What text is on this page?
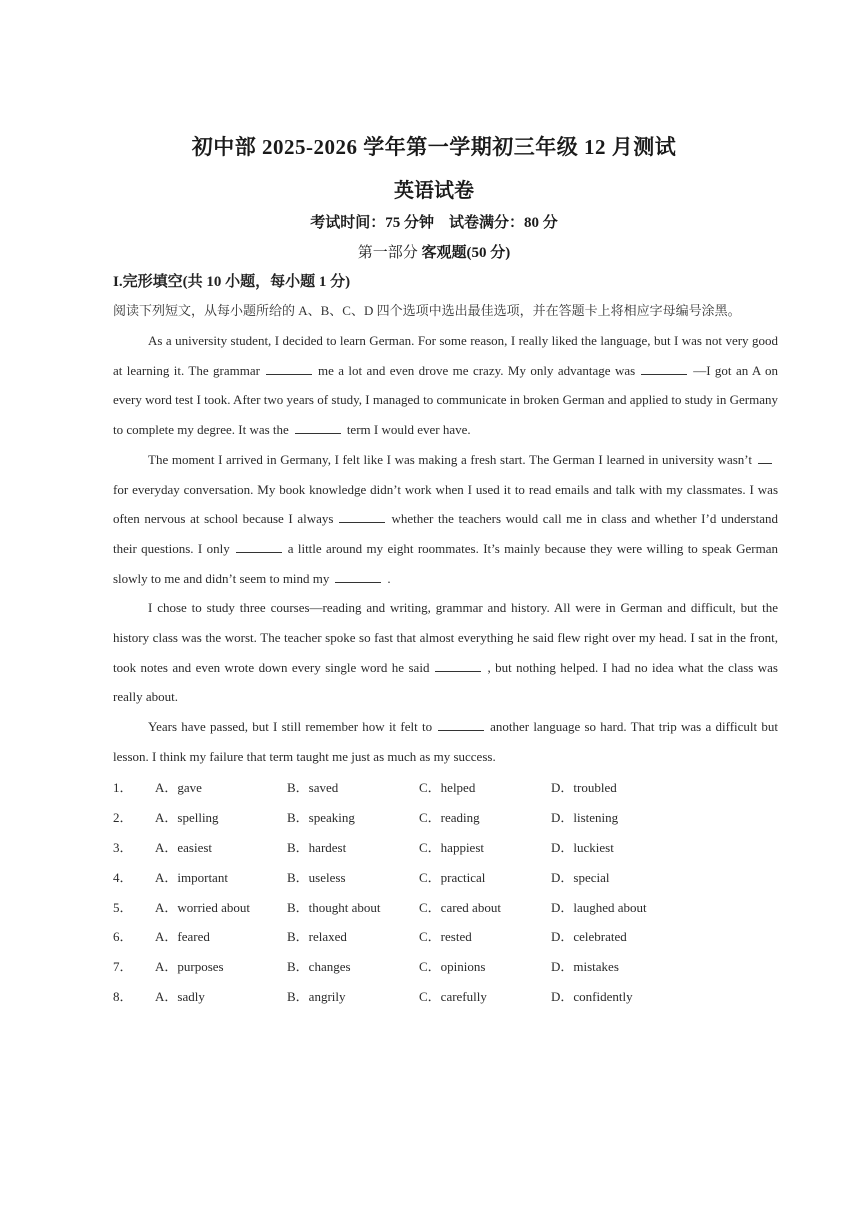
初中部 2025-2026 学年第一学期初三年级 12 月测试
英语试卷
考试时间：75 分钟　试卷满分：80 分
第一部分 客观题(50 分)
I.完形填空(共 10 小题，每小题 1 分)
阅读下列短文，从每小题所给的 A、B、C、D 四个选项中选出最佳选项，并在答题卡上将相应字母编号涂黑。

As a university student, I decided to learn German. For some reason, I really liked the language, but I was not very good at learning it. The grammar	me a lot and even drove me crazy. My only advantage was	—I got an A on every word test I took. After two years of study, I managed to communicate in broken German and applied to study in Germany to complete my degree. It was the	term I would ever have.

The moment I arrived in Germany, I felt like I was making a fresh start. The German I learned in university wasn’tfor everyday conversation. My book knowledge didn’t work when I used it to read emails and talk with my classmates. I was often nervous at school because I always	whether the teachers would call me in class and whether I’d understand their questions. I only	a little around my eight roommates. It’s mainly because they were willing to speak German slowly to me and didn’t seem to mind my	.

I chose to study three courses—reading and writing, grammar and history. All were in German and difficult, but the history class was the worst. The teacher spoke so fast that almost everything he said flew right over my head. I sat in the front, took notes and even wrote down every single word he said	, but nothing helped. I had no idea what the class was really about.

Years have passed, but I still remember how it felt to	another language so hard. That trip was a difficult but lesson. I think my failure that term taught me just as much as my success.

1．	A．gave	B．saved	C．helped	D．troubled
2．	A．spelling	B．speaking	C．reading	D．listening
3．	A．easiest	B．hardest	C．happiest	D．luckiest
4．	A．important	B．useless	C．practical	D．special
5．	A．worried about	B．thought about	C．cared about	D．laughed about
6．	A．feared	B．relaxed	C．rested	D．celebrated
7．	A．purposes	B．changes	C．opinions	D．mistakes
8．	A．sadly	B．angrily	C．carefully	D．confidently
